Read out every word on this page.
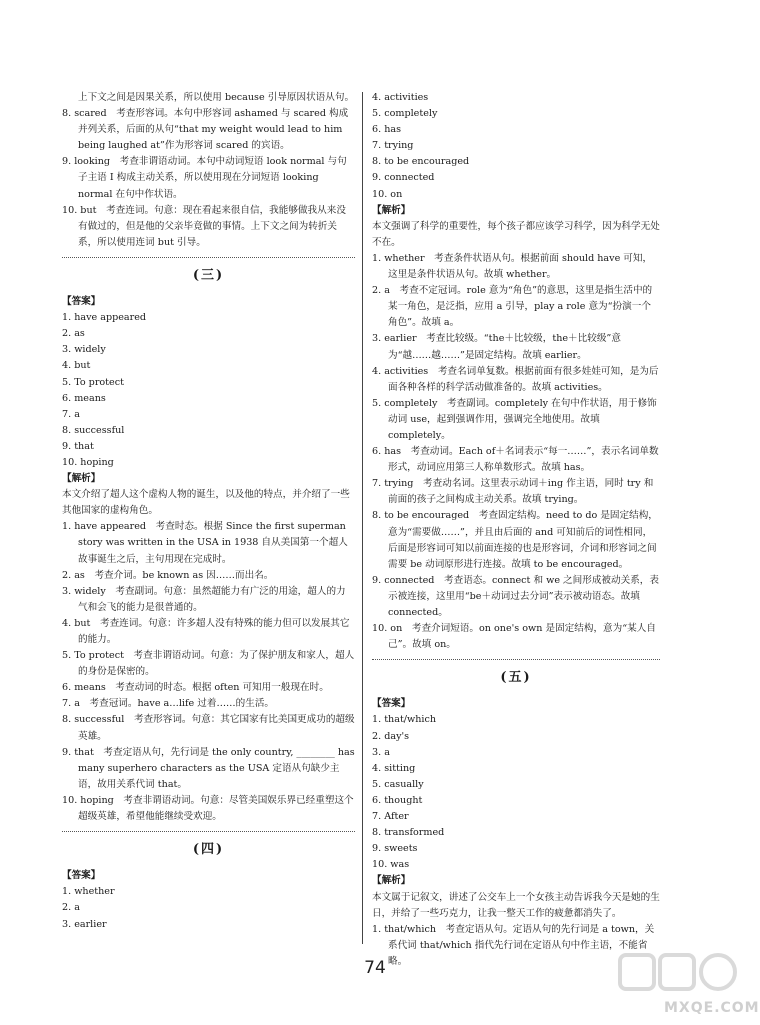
上下文之间是因果关系，所以使用 because 引导原因状语从句。

8. scared  考查形容词。本句中形容词 ashamed 与 scared 构成并列关系，后面的从句“that my weight would lead to him being laughed at”作为形容词 scared 的宾语。

9. looking  考查非谓语动词。本句中动词短语 look normal 与句子主语 I 构成主动关系，所以使用现在分词短语 looking normal 在句中作状语。

10. but  考查连词。句意：现在看起来很自信，我能够做我从来没有做过的，但是他的父亲毕竟做的事情。上下文之间为转折关系，所以使用连词 but 引导。

(三)

【答案】

1. have appeared

2. as

3. widely

4. but

5. To protect

6. means

7. a

8. successful

9. that

10. hoping

【解析】

本文介绍了超人这个虚构人物的诞生，以及他的特点，并介绍了一些其他国家的虚构角色。

1. have appeared  考查时态。根据 Since the first superman story was written in the USA in 1938 自从美国第一个超人故事诞生之后，主句用现在完成时。

2. as  考查介词。be known as 因……而出名。

3. widely  考查副词。句意：虽然超能力有广泛的用途，超人的力气和会飞的能力是很普通的。

4. but  考查连词。句意：许多超人没有特殊的能力但可以发展其它的能力。

5. To protect  考查非谓语动词。句意：为了保护朋友和家人，超人的身份是保密的。

6. means  考查动词的时态。根据 often 可知用一般现在时。

7. a  考查冠词。have a…life 过着……的生活。

8. successful  考查形容词。句意：其它国家有比美国更成功的超级英雄。

9. that  考查定语从句，先行词是 the only country, ________ has many superhero characters as the USA 定语从句缺少主语，故用关系代词 that。

10. hoping  考查非谓语动词。句意：尽管美国娱乐界已经重塑这个超级英雄，希望他能继续受欢迎。

(四)

【答案】

1. whether

2. a

3. earlier

4. activities

5. completely

6. has

7. trying

8. to be encouraged

9. connected

10. on

【解析】

本文强调了科学的重要性，每个孩子都应该学习科学，因为科学无处不在。

1. whether  考查条件状语从句。根据前面 should have 可知，这里是条件状语从句。故填 whether。

2. a  考查不定冠词。role 意为“角色”的意思，这里是指生活中的某一角色，是泛指，应用 a 引导，play a role 意为“扮演一个角色”。故填 a。

3. earlier  考查比较级。“the＋比较级，the＋比较级”意为“越……越……”是固定结构。故填 earlier。

4. activities  考查名词单复数。根据前面有很多娃娃可知，是为后面各种各样的科学活动做准备的。故填 activities。

5. completely  考查副词。completely 在句中作状语，用于修饰动词 use，起到强调作用，强调完全地使用。故填 completely。

6. has  考查动词。Each of＋名词表示“每一……”，表示名词单数形式，动词应用第三人称单数形式。故填 has。

7. trying  考查动名词。这里表示动词＋ing 作主语，同时 try 和前面的孩子之间构成主动关系。故填 trying。

8. to be encouraged  考查固定结构。need to do 是固定结构，意为“需要做……”，并且由后面的 and 可知前后的词性相同，后面是形容词可知以前面连接的也是形容词，介词和形容词之间需要 be 动词原形进行连接。故填 to be encouraged。

9. connected  考查语态。connect 和 we 之间形成被动关系，表示被连接，这里用“be＋动词过去分词”表示被动语态。故填 connected。

10. on  考查介词短语。on one's own 是固定结构，意为“某人自己”。故填 on。

(五)

【答案】

1. that/which

2. day's

3. a

4. sitting

5. casually

6. thought

7. After

8. transformed

9. sweets

10. was

【解析】

本文属于记叙文，讲述了公交车上一个女孩主动告诉我今天是她的生日，并给了一些巧克力，让我一整天工作的疲惫都消失了。

1. that/which  考查定语从句。定语从句的先行词是 a town，关系代词 that/which 指代先行词在定语从句中作主语，不能省略。

74
MXQE.COM
